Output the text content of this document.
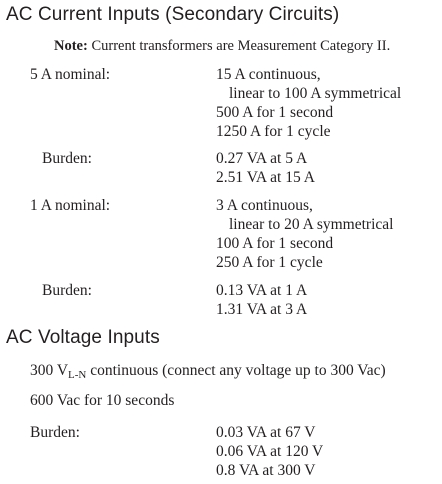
AC Current Inputs (Secondary Circuits)
Note: Current transformers are Measurement Category II.
5 A nominal:	15 A continuous,
linear to 100 A symmetrical
500 A for 1 second
1250 A for 1 cycle
Burden:	0.27 VA at 5 A
2.51 VA at 15 A
1 A nominal:	3 A continuous,
linear to 20 A symmetrical
100 A for 1 second
250 A for 1 cycle
Burden:	0.13 VA at 1 A
1.31 VA at 3 A
AC Voltage Inputs
300 $V_{L-N}$ continuous (connect any voltage up to 300 Vac)
600 Vac for 10 seconds
Burden:	0.03 VA at 67 V
0.06 VA at 120 V
0.8 VA at 300 V
